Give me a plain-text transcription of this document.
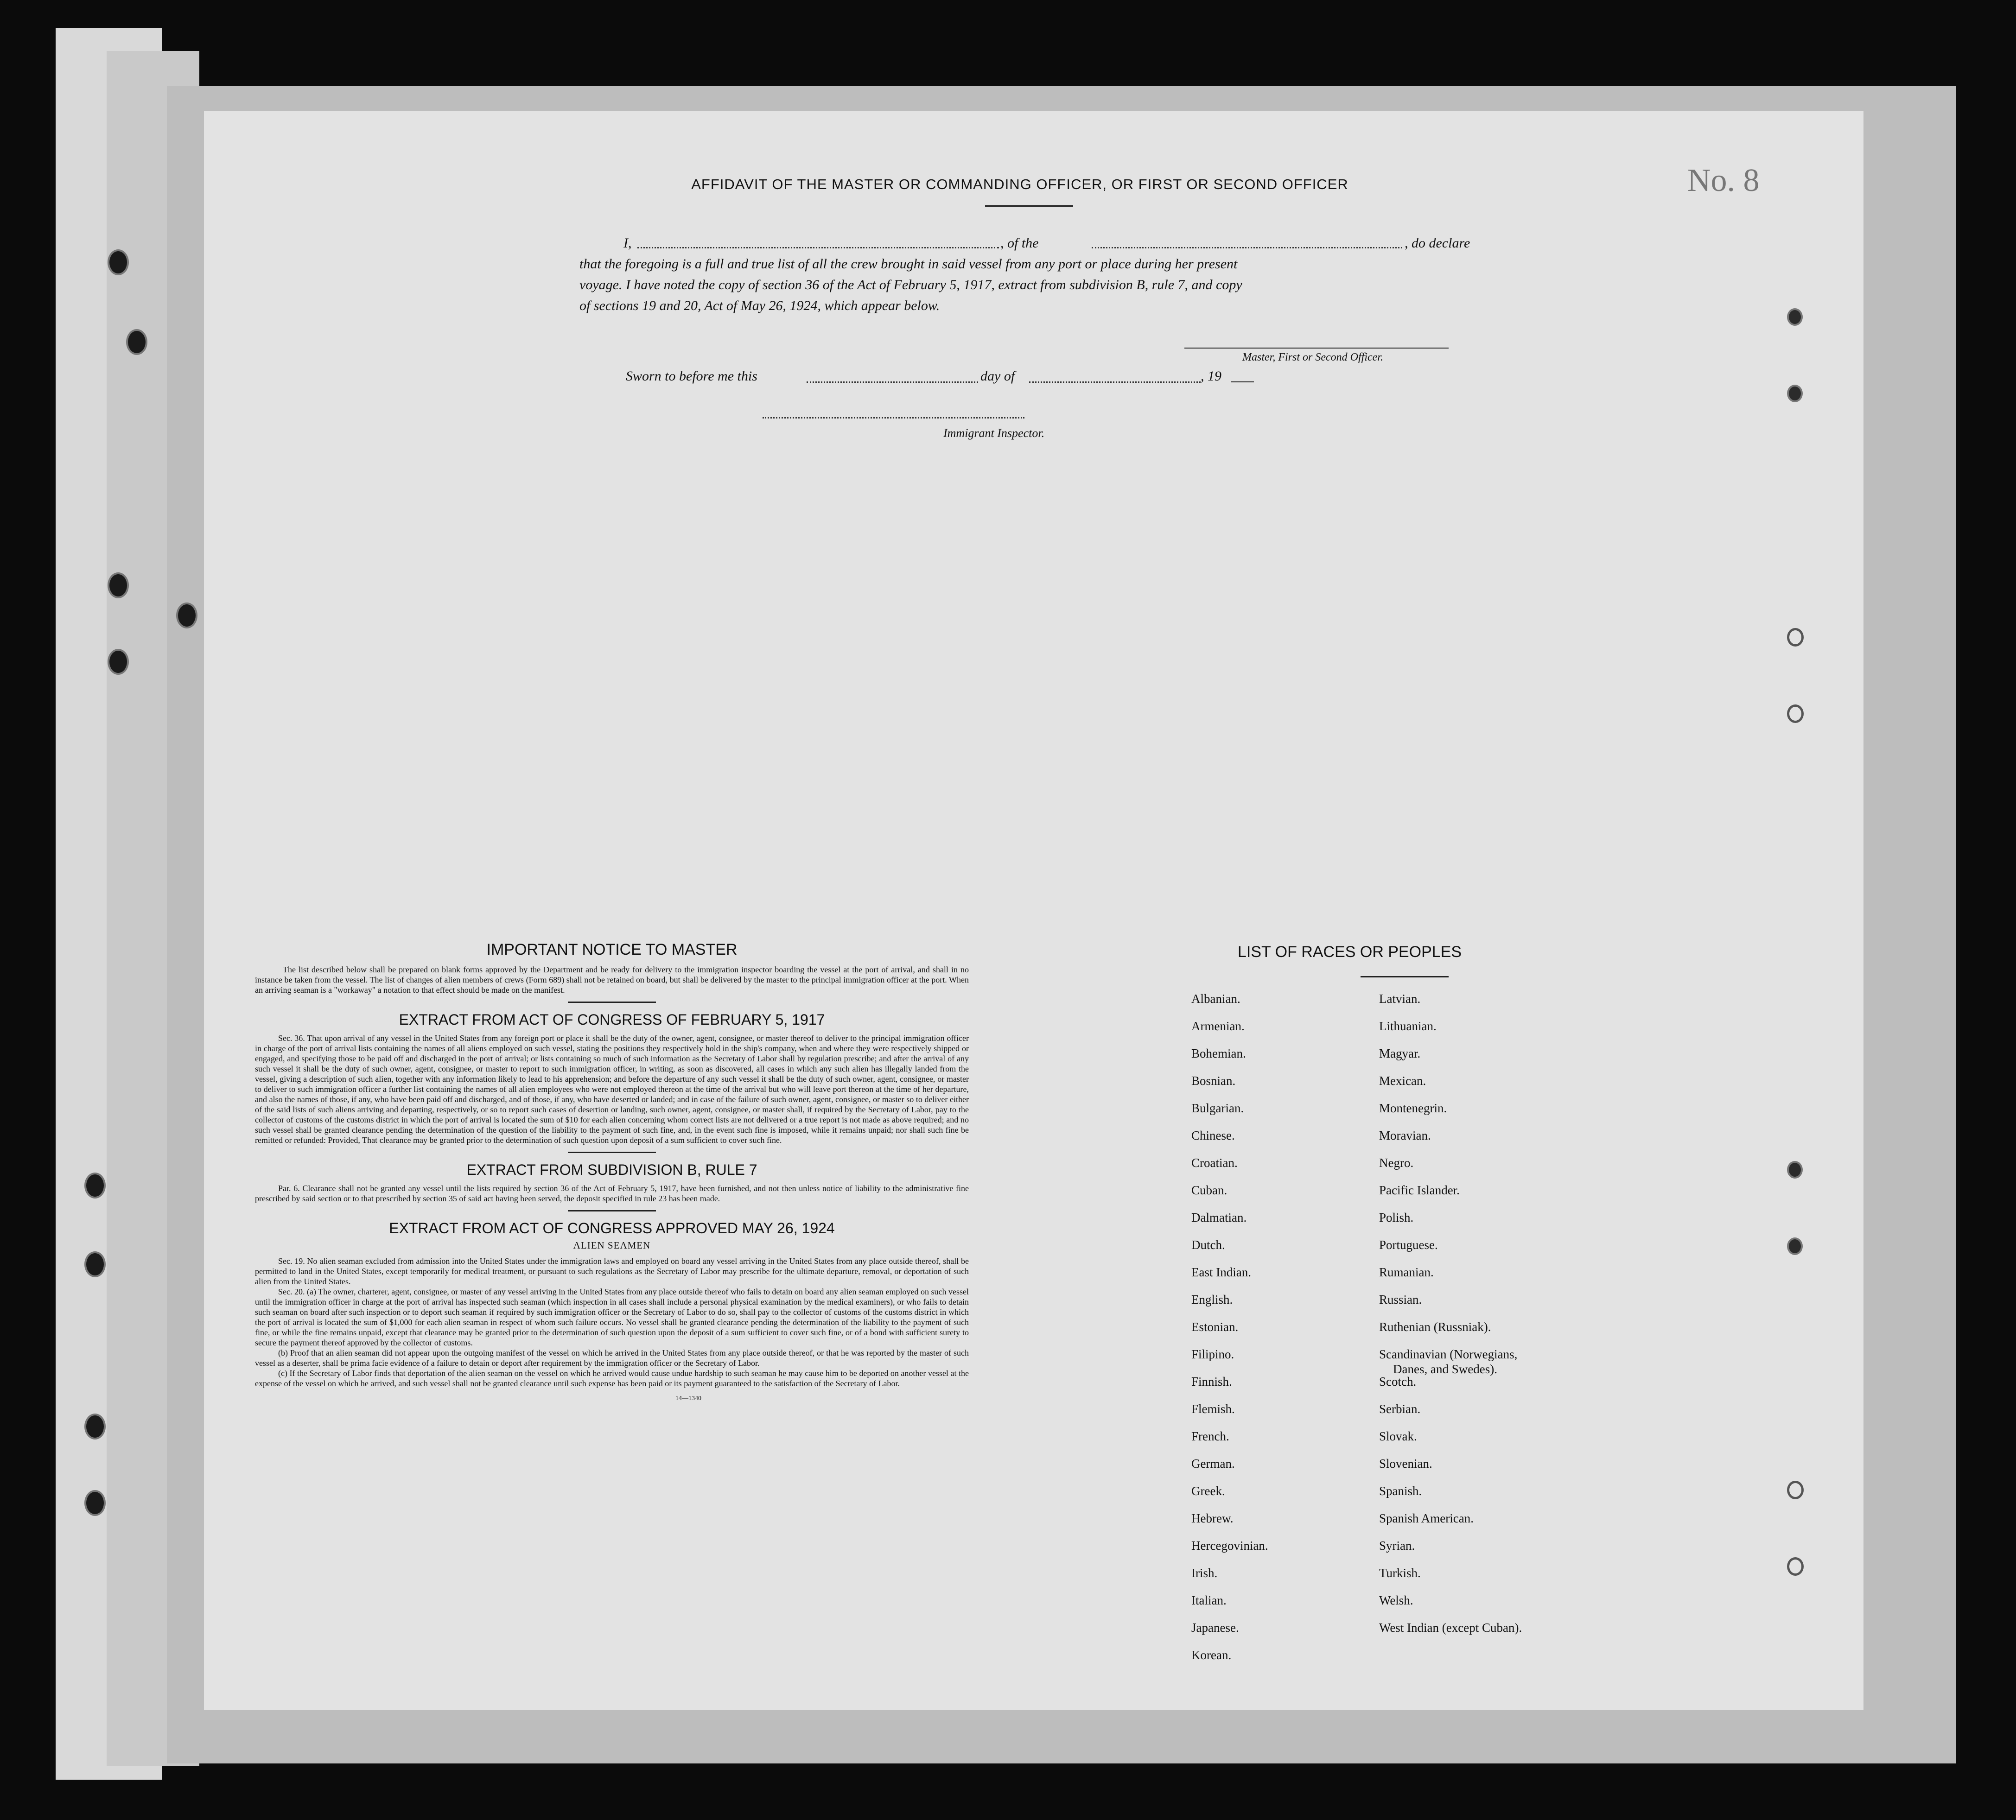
No. 8
AFFIDAVIT OF THE MASTER OR COMMANDING OFFICER, OR FIRST OR SECOND OFFICER
I,	, of the	, do declare
that the foregoing is a full and true list of all the crew brought in said vessel from any port or place during her present
voyage. I have noted the copy of section 36 of the Act of February 5, 1917, extract from subdivision B, rule 7, and copy
of sections 19 and 20, Act of May 26, 1924, which appear below.
Master, First or Second Officer.
Sworn to before me this	day of	, 19
Immigrant Inspector.
IMPORTANT NOTICE TO MASTER
The list described below shall be prepared on blank forms approved by the Department and be ready for delivery to the immigration inspector boarding the vessel at the port of arrival, and shall in no instance be taken from the vessel. The list of changes of alien members of crews (Form 689) shall not be retained on board, but shall be delivered by the master to the principal immigration officer at the port. When an arriving seaman is a "workaway" a notation to that effect should be made on the manifest.
EXTRACT FROM ACT OF CONGRESS OF FEBRUARY 5, 1917
Sec. 36. That upon arrival of any vessel in the United States from any foreign port or place it shall be the duty of the owner, agent, consignee, or master thereof to deliver to the principal immigration officer in charge of the port of arrival lists containing the names of all aliens employed on such vessel, stating the positions they respectively hold in the ship's company, when and where they were respectively shipped or engaged, and specifying those to be paid off and discharged in the port of arrival; or lists containing so much of such information as the Secretary of Labor shall by regulation prescribe; and after the arrival of any such vessel it shall be the duty of such owner, agent, consignee, or master to report to such immigration officer, in writing, as soon as discovered, all cases in which any such alien has illegally landed from the vessel, giving a description of such alien, together with any information likely to lead to his apprehension; and before the departure of any such vessel it shall be the duty of such owner, agent, consignee, or master to deliver to such immigration officer a further list containing the names of all alien employees who were not employed thereon at the time of the arrival but who will leave port thereon at the time of her departure, and also the names of those, if any, who have been paid off and discharged, and of those, if any, who have deserted or landed; and in case of the failure of such owner, agent, consignee, or master so to deliver either of the said lists of such aliens arriving and departing, respectively, or so to report such cases of desertion or landing, such owner, agent, consignee, or master shall, if required by the Secretary of Labor, pay to the collector of customs of the customs district in which the port of arrival is located the sum of $10 for each alien concerning whom correct lists are not delivered or a true report is not made as above required; and no such vessel shall be granted clearance pending the determination of the question of the liability to the payment of such fine, and, in the event such fine is imposed, while it remains unpaid; nor shall such fine be remitted or refunded: Provided, That clearance may be granted prior to the determination of such question upon deposit of a sum sufficient to cover such fine.
EXTRACT FROM SUBDIVISION B, RULE 7
Par. 6. Clearance shall not be granted any vessel until the lists required by section 36 of the Act of February 5, 1917, have been furnished, and not then unless notice of liability to the administrative fine prescribed by said section or to that prescribed by section 35 of said act having been served, the deposit specified in rule 23 has been made.
EXTRACT FROM ACT OF CONGRESS APPROVED MAY 26, 1924
ALIEN SEAMEN
Sec. 19. No alien seaman excluded from admission into the United States under the immigration laws and employed on board any vessel arriving in the United States from any place outside thereof, shall be permitted to land in the United States, except temporarily for medical treatment, or pursuant to such regulations as the Secretary of Labor may prescribe for the ultimate departure, removal, or deportation of such alien from the United States.
Sec. 20. (a) The owner, charterer, agent, consignee, or master of any vessel arriving in the United States from any place outside thereof who fails to detain on board any alien seaman employed on such vessel until the immigration officer in charge at the port of arrival has inspected such seaman (which inspection in all cases shall include a personal physical examination by the medical examiners), or who fails to detain such seaman on board after such inspection or to deport such seaman if required by such immigration officer or the Secretary of Labor to do so, shall pay to the collector of customs of the customs district in which the port of arrival is located the sum of $1,000 for each alien seaman in respect of whom such failure occurs. No vessel shall be granted clearance pending the determination of the liability to the payment of such fine, or while the fine remains unpaid, except that clearance may be granted prior to the determination of such question upon the deposit of a sum sufficient to cover such fine, or of a bond with sufficient surety to secure the payment thereof approved by the collector of customs.
(b) Proof that an alien seaman did not appear upon the outgoing manifest of the vessel on which he arrived in the United States from any place outside thereof, or that he was reported by the master of such vessel as a deserter, shall be prima facie evidence of a failure to detain or deport after requirement by the immigration officer or the Secretary of Labor.
(c) If the Secretary of Labor finds that deportation of the alien seaman on the vessel on which he arrived would cause undue hardship to such seaman he may cause him to be deported on another vessel at the expense of the vessel on which he arrived, and such vessel shall not be granted clearance until such expense has been paid or its payment guaranteed to the satisfaction of the Secretary of Labor.
14—1340
LIST OF RACES OR PEOPLES
Albanian.
Armenian.
Bohemian.
Bosnian.
Bulgarian.
Chinese.
Croatian.
Cuban.
Dalmatian.
Dutch.
East Indian.
English.
Estonian.
Filipino.
Finnish.
Flemish.
French.
German.
Greek.
Hebrew.
Hercegovinian.
Irish.
Italian.
Japanese.
Korean.
Latvian.
Lithuanian.
Magyar.
Mexican.
Montenegrin.
Moravian.
Negro.
Pacific Islander.
Polish.
Portuguese.
Rumanian.
Russian.
Ruthenian (Russniak).
Scandinavian (Norwegians,
Danes, and Swedes).
Scotch.
Serbian.
Slovak.
Slovenian.
Spanish.
Spanish American.
Syrian.
Turkish.
Welsh.
West Indian (except Cuban).
